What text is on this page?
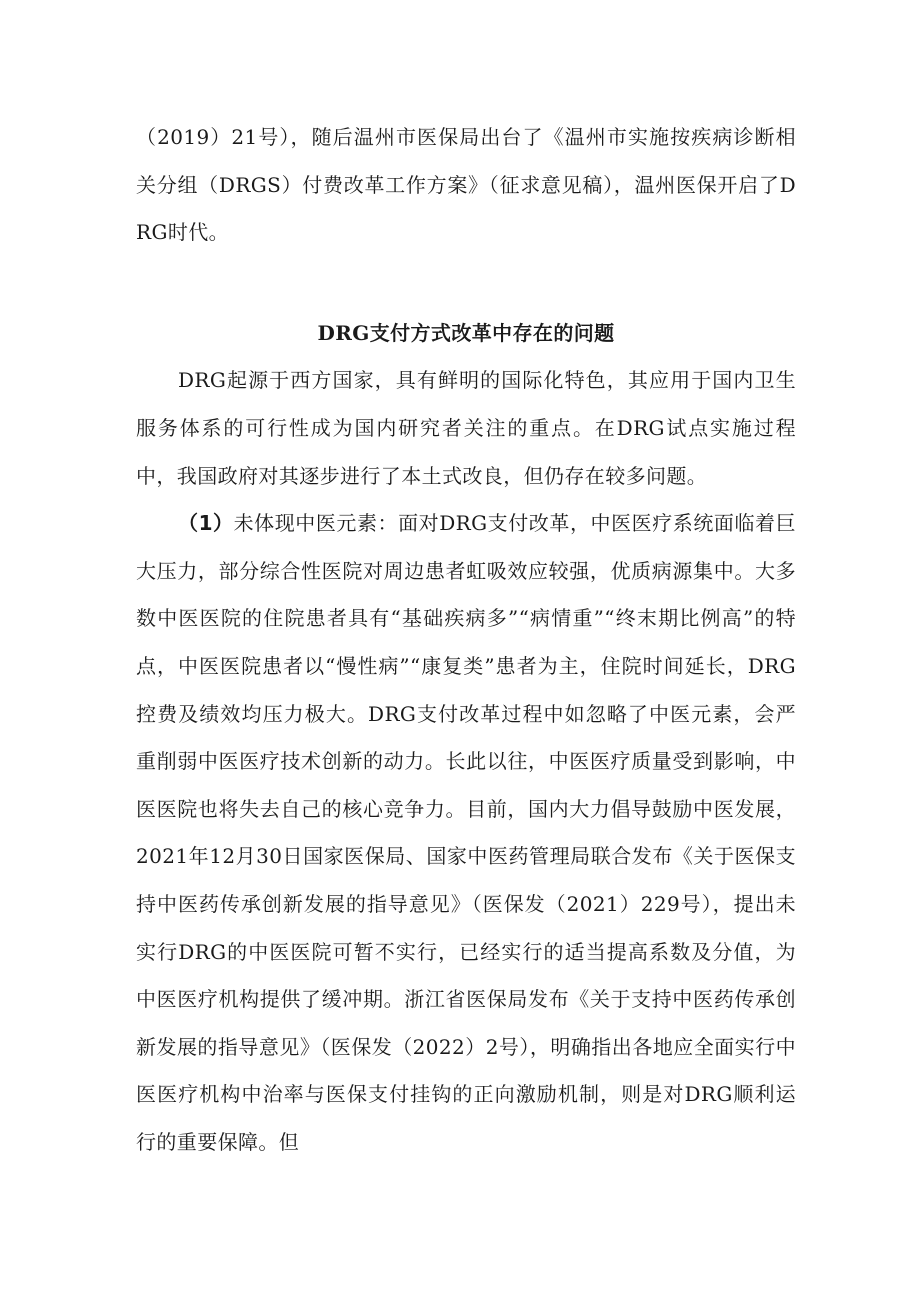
（2019）21号），随后温州市医保局出台了《温州市实施按疾病诊断相关分组（DRGS）付费改革工作方案》（征求意见稿），温州医保开启了DRG时代。

DRG支付方式改革中存在的问题

DRG起源于西方国家，具有鲜明的国际化特色，其应用于国内卫生服务体系的可行性成为国内研究者关注的重点。在DRG试点实施过程中，我国政府对其逐步进行了本土式改良，但仍存在较多问题。

（1）未体现中医元素：面对DRG支付改革，中医医疗系统面临着巨大压力，部分综合性医院对周边患者虹吸效应较强，优质病源集中。大多数中医医院的住院患者具有“基础疾病多”“病情重”“终末期比例高”的特点，中医医院患者以“慢性病”“康复类”患者为主，住院时间延长，DRG控费及绩效均压力极大。DRG支付改革过程中如忽略了中医元素，会严重削弱中医医疗技术创新的动力。长此以往，中医医疗质量受到影响，中医医院也将失去自己的核心竞争力。目前，国内大力倡导鼓励中医发展，2021年12月30日国家医保局、国家中医药管理局联合发布《关于医保支持中医药传承创新发展的指导意见》（医保发（2021）229号），提出未实行DRG的中医医院可暂不实行，已经实行的适当提高系数及分值，为中医医疗机构提供了缓冲期。浙江省医保局发布《关于支持中医药传承创新发展的指导意见》（医保发（2022）2号），明确指出各地应全面实行中医医疗机构中治率与医保支付挂钩的正向激励机制，则是对DRG顺利运行的重要保障。但
